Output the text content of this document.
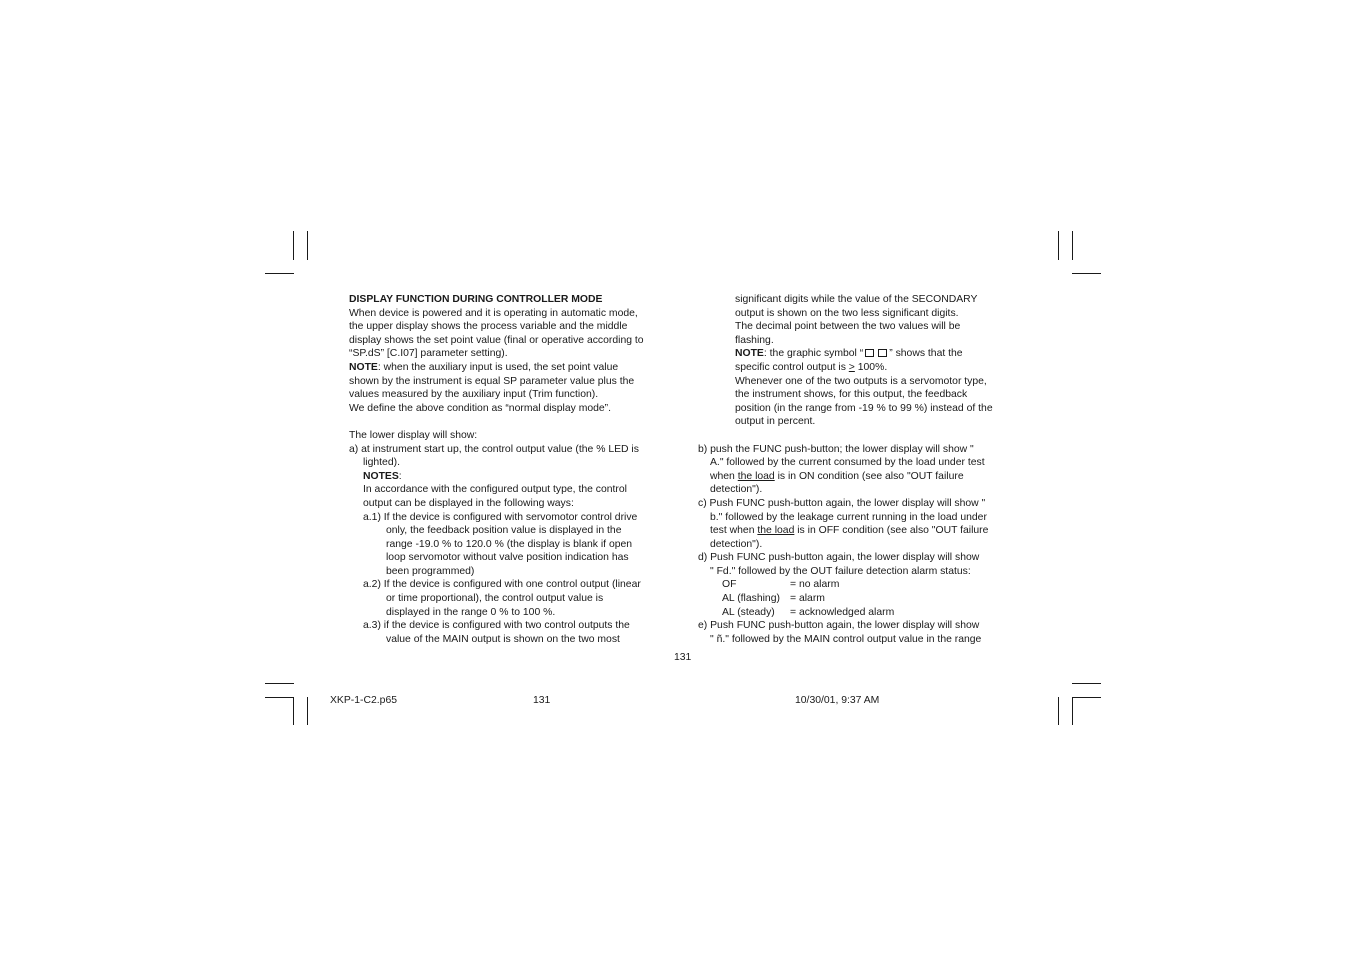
DISPLAY FUNCTION DURING CONTROLLER MODE

When device is powered and it is operating in automatic mode,

the upper display shows the process variable and the middle

display shows the set point value (final or operative according to

“SP.dS” [C.I07] parameter setting).

NOTE: when the auxiliary input is used, the set point value

shown by the instrument is equal SP parameter value plus the

values measured by the auxiliary input (Trim function).

We define the above condition as “normal display mode”.

The lower display will show:

a) at instrument start up, the control output value (the % LED is

lighted).

NOTES:

In accordance with the configured output type, the control

output can be displayed in the following ways:

a.1) If the device is configured with servomotor control drive

only, the feedback position value is displayed in the

range -19.0 % to 120.0 % (the display is blank if open

loop servomotor without valve position indication has

been programmed)

a.2) If the device is configured with one control output (linear

or time proportional), the control output value is

displayed in the range 0 % to 100 %.

a.3) if the device is configured with two control outputs the

value of the MAIN output is shown on the two most

significant digits while the value of the SECONDARY

output is shown on the two less significant digits.

The decimal point between the two values will be

flashing.

NOTE: the graphic symbol “	” shows that the

specific control output is ≥ 100%.

Whenever one of the two outputs is a servomotor type,

the instrument shows, for this output, the feedback

position (in the range from -19 % to 99 %) instead of the

output in percent.

b) push the FUNC push-button; the lower display will show "

A." followed by the current consumed by the load under test

when the load is in ON condition (see also "OUT failure

detection").

c) Push FUNC push-button again, the lower display will show "

b." followed by the leakage current running in the load under

test when the load is in OFF condition (see also "OUT failure

detection").

d) Push FUNC push-button again, the lower display will show

" Fd." followed by the OUT failure detection alarm status:

OF	= no alarm

AL (flashing) = alarm

AL (steady) = acknowledged alarm

e) Push FUNC push-button again, the lower display will show

" ñ." followed by the MAIN control output value in the range

131
XKP-1-C2.p65	131	10/30/01, 9:37 AM
